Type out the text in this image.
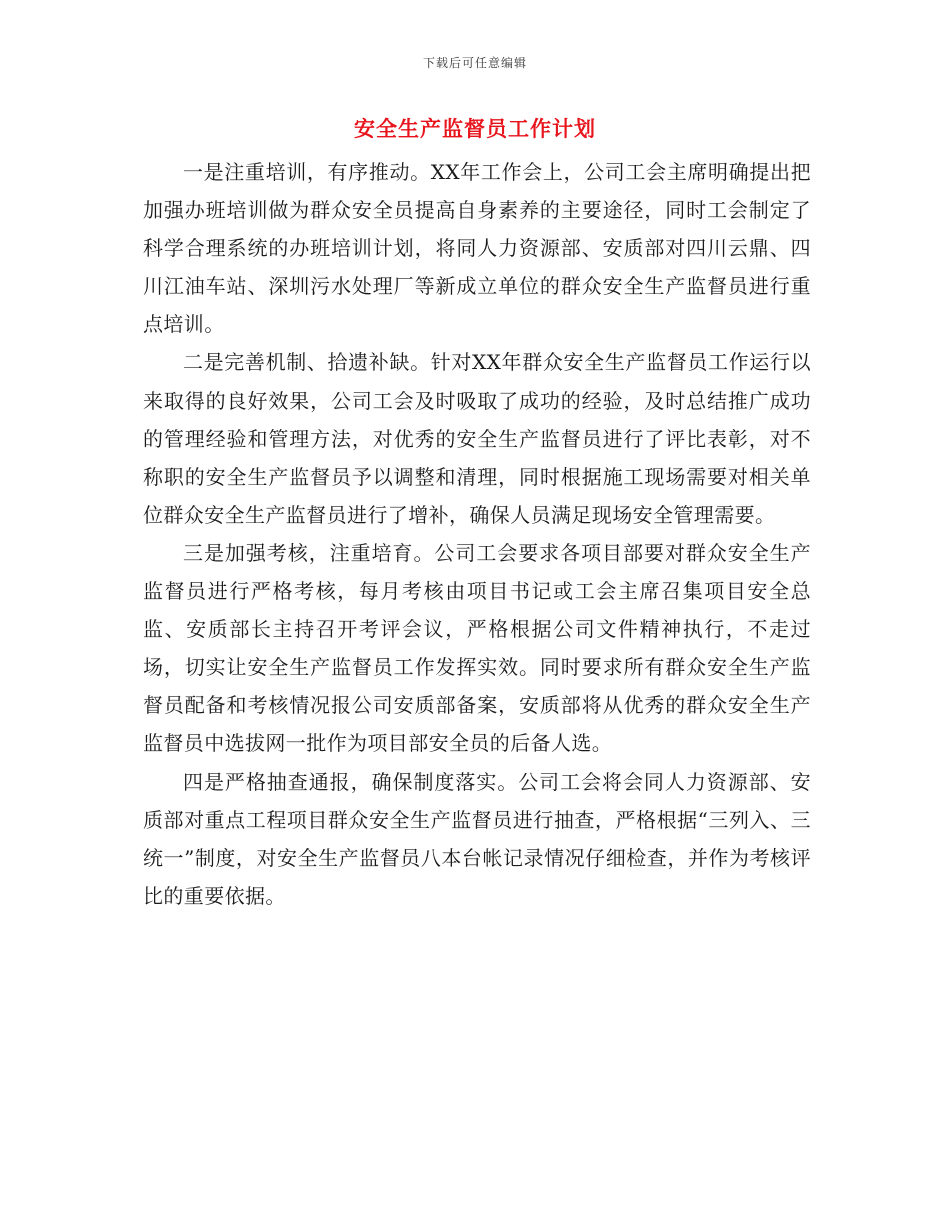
下载后可任意编辑
安全生产监督员工作计划

一是注重培训，有序推动。XX年工作会上，公司工会主席明确提出把加强办班培训做为群众安全员提高自身素养的主要途径，同时工会制定了科学合理系统的办班培训计划，将同人力资源部、安质部对四川云鼎、四川江油车站、深圳污水处理厂等新成立单位的群众安全生产监督员进行重点培训。

二是完善机制、拾遗补缺。针对XX年群众安全生产监督员工作运行以来取得的良好效果，公司工会及时吸取了成功的经验，及时总结推广成功的管理经验和管理方法，对优秀的安全生产监督员进行了评比表彰，对不称职的安全生产监督员予以调整和清理，同时根据施工现场需要对相关单位群众安全生产监督员进行了增补，确保人员满足现场安全管理需要。

三是加强考核，注重培育。公司工会要求各项目部要对群众安全生产监督员进行严格考核，每月考核由项目书记或工会主席召集项目安全总监、安质部长主持召开考评会议，严格根据公司文件精神执行，不走过场，切实让安全生产监督员工作发挥实效。同时要求所有群众安全生产监督员配备和考核情况报公司安质部备案，安质部将从优秀的群众安全生产监督员中选拔网一批作为项目部安全员的后备人选。

四是严格抽查通报，确保制度落实。公司工会将会同人力资源部、安质部对重点工程项目群众安全生产监督员进行抽查，严格根据“三列入、三统一”制度，对安全生产监督员八本台帐记录情况仔细检查，并作为考核评比的重要依据。
